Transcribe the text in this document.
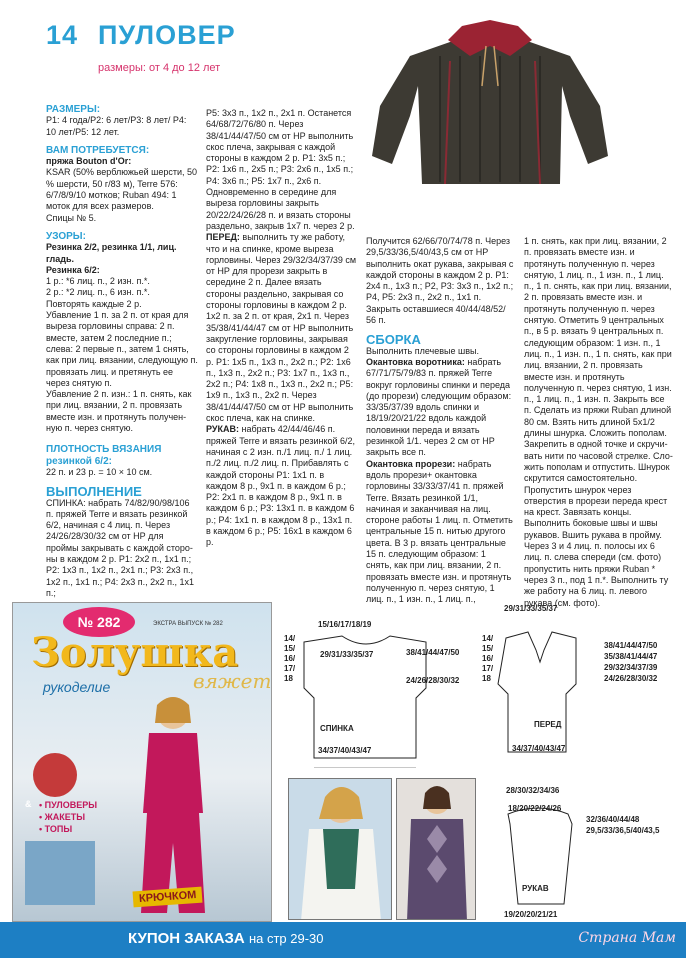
14 ПУЛОВЕР
размеры: от 4 до 12 лет

РАЗМЕРЫ:

Р1: 4 года/Р2: 6 лет/Р3: 8 лет/ Р4: 10 лет/Р5: 12 лет.

ВАМ ПОТРЕБУЕТСЯ:

пряжа Bouton d'Or:

KSAR (50% верблюжьей шерсти, 50 % шерсти, 50 г/83 м), Terre 576: 6/7/8/9/10 мотков; Ruban 494: 1 моток для всех размеров.

Спицы № 5.

УЗОРЫ:

Резинка 2/2, резинка 1/1, лиц. гладь.

Резинка 6/2:

1 р.: *6 лиц. п., 2 изн. п.*.

2 р.: *2 лиц. п., 6 изн. п.*.

Повторять каждые 2 р.

Убавление 1 п. за 2 п. от края для выреза горловины справа: 2 п. вместе, затем 2 последние п.;

слева: 2 первые п., затем 1 снять, как при лиц. вязании, следующую п. провязать лиц. и претянуть ее через снятую п.

Убавление 2 п. изн.: 1 п. снять, как при лиц. вязании, 2 п. провязать вместе изн. и протянуть полученную п. через снятую.

ПЛОТНОСТЬ ВЯЗАНИЯ резинкой 6/2:

22 п. и 23 р. = 10 × 10 см.

ВЫПОЛНЕНИЕ

СПИНКА: набрать 74/82/90/98/106 п. пряжей Terre и вязать резинкой 6/2, начиная с 4 лиц. п. Через 24/26/28/30/32 см от НР для проймы закрывать с каждой стороны в каждом 2 р. Р1: 2x2 п., 1x1 п.; Р2: 1x3 п., 1x2 п., 2x1 п.; Р3: 2x3 п., 1x2 п., 1x1 п.; Р4: 2x3 п., 2x2 п., 1x1 п.;

Р5: 3x3 п., 1x2 п., 2x1 п. Останется 64/68/72/76/80 п. Через 38/41/44/47/50 см от НР выполнить скос плеча, закрывая с каждой стороны в каждом 2 р. Р1: 3x5 п.; Р2: 1x6 п., 2x5 п.; Р3: 2x6 п., 1x5 п.; Р4: 3x6 п.; Р5: 1x7 п., 2x6 п. Одновременно в середине для выреза горловины закрыть 20/22/24/26/28 п. и вязать стороны раздельно, закрыв 1x7 п. через 2 р.

ПЕРЕД: выполнить ту же работу, что и на спинке, кроме выреза горловины. Через 29/32/34/37/39 см от НР для прорези закрыть в середине 2 п. Далее вязать стороны раздельно, закрывая со стороны горловины в каждом 2 р. 1x2 п. за 2 п. от края, 2x1 п. Через 35/38/41/44/47 см от НР выполнить закругление горловины, закрывая со стороны горловины в каждом 2 р. Р1: 1x5 п., 1x3 п., 2x2 п.; Р2: 1x6 п., 1x3 п., 2x2 п.; Р3: 1x7 п., 1x3 п., 2x2 п.; Р4: 1x8 п., 1x3 п., 2x2 п.; Р5: 1x9 п., 1x3 п., 2x2 п. Через 38/41/44/47/50 см от НР выполнить скос плеча, как на спинке.

РУКАВ: набрать 42/44/46/46 п. пряжей Terre и вязать резинкой 6/2, начиная с 2 изн. п./1 лиц. п./ 1 лиц. п./2 лиц. п./2 лиц. п. Прибавлять с каждой стороны Р1: 1x1 п. в каждом 8 р., 9x1 п. в каждом 6 р.; Р2: 2x1 п. в каждом 8 р., 9x1 п. в каждом 6 р.; Р3: 13x1 п. в каждом 6 р.; Р4: 1x1 п. в каждом 8 р., 13x1 п. в каждом 6 р.; Р5: 16x1 в каждом 6 р.

Получится 62/66/70/74/78 п. Через 29,5/33/36,5/40/43,5 см от НР выполнить окат рукава, закрывая с каждой стороны в каждом 2 р. Р1: 2x4 п., 1x3 п.; Р2, Р3: 3x3 п., 1x2 п.; Р4, Р5: 2x3 п., 2x2 п., 1x1 п. Закрыть оставшиеся 40/44/48/52/ 56 п.

СБОРКА

Выполнить плечевые швы.

Окантовка воротника: набрать 67/71/75/79/83 п. пряжей Terre вокруг горловины спинки и переда (до прорези) следующим образом: 33/35/37/39 вдоль спинки и 18/19/20/21/22 вдоль каждой половинки переда и вязать резинкой 1/1. через 2 см от НР закрыть все п.

Окантовка прорези: набрать вдоль прорези+ окантовка горловины 33/33/37/41 п. пряжей Terre. Вязать резинкой 1/1, начиная и заканчивая на лиц. стороне работы 1 лиц. п. Отметить центральные 15 п. нитью другого цвета. В 3 р. вязать центральные 15 п. следующим образом: 1 снять, как при лиц. вязании, 2 п. провязать вместе изн. и протянуть полученную п. через снятую, 1 лиц. п., 1 изн. п., 1 лиц. п.,

1 п. снять, как при лиц. вязании, 2 п. провязать вместе изн. и протянуть полученную п. через снятую, 1 лиц. п., 1 изн. п., 1 лиц. п., 1 п. снять, как при лиц. вязании, 2 п. провязать вместе изн. и протянуть полученную п. через снятую. Отметить 9 центральных п., в 5 р. вязать 9 центральных п. следующим образом: 1 изн. п., 1 лиц. п., 1 изн. п., 1 п. снять, как при лиц. вязании, 2 п. провязать вместе изн. и протянуть полученную п. через снятую, 1 изн. п., 1 лиц. п., 1 изн. п. Закрыть все п. Сделать из пряжи Ruban длиной 80 см. Взять нить длиной 5x1/2 длины шнурка. Сложить пополам. Закрепить в одной точке и скручивать нити по часовой стрелке. Сложить пополам и отпустить. Шнурок скрутится самостоятельно. Пропустить шнурок через отверстия в прорези переда крест на крест. Завязать концы. Выполнить боковые швы и швы рукавов. Вшить рукава в пройму. Через 3 и 4 лиц. п. полосы их 6 лиц. п. слева спереди (см. фото) пропустить нить пряжи Ruban * через 3 п., под 1 п.*. Выполнить ту же работу на 6 лиц. п. левого рукава (см. фото).

№ 282	ЭКСТРА ВЫПУСК № 282
Золушка
рукоделие	вяжет
& • ПУЛОВЕРЫ
• ЖАКЕТЫ
• ТОПЫ
КРЮЧКОМ
15/16/17/18/19
29/31/33/35/37
СПИНКА
34/37/40/43/47
14/
15/
16/
17/
18
38/41/44/47/50
24/26/28/30/32
29/31/33/35/37
ПЕРЕД
34/37/40/43/47
14/
15/
16/
17/
18
38/41/44/47/50
35/38/41/44/47
29/32/34/37/39
24/26/28/30/32
28/30/32/34/36
18/20/22/24/26
РУКАВ
19/20/20/21/21
32/36/40/44/48
29,5/33/36,5/40/43,5
КУПОН ЗАКАЗА на стр 29-30	Страна Мам
